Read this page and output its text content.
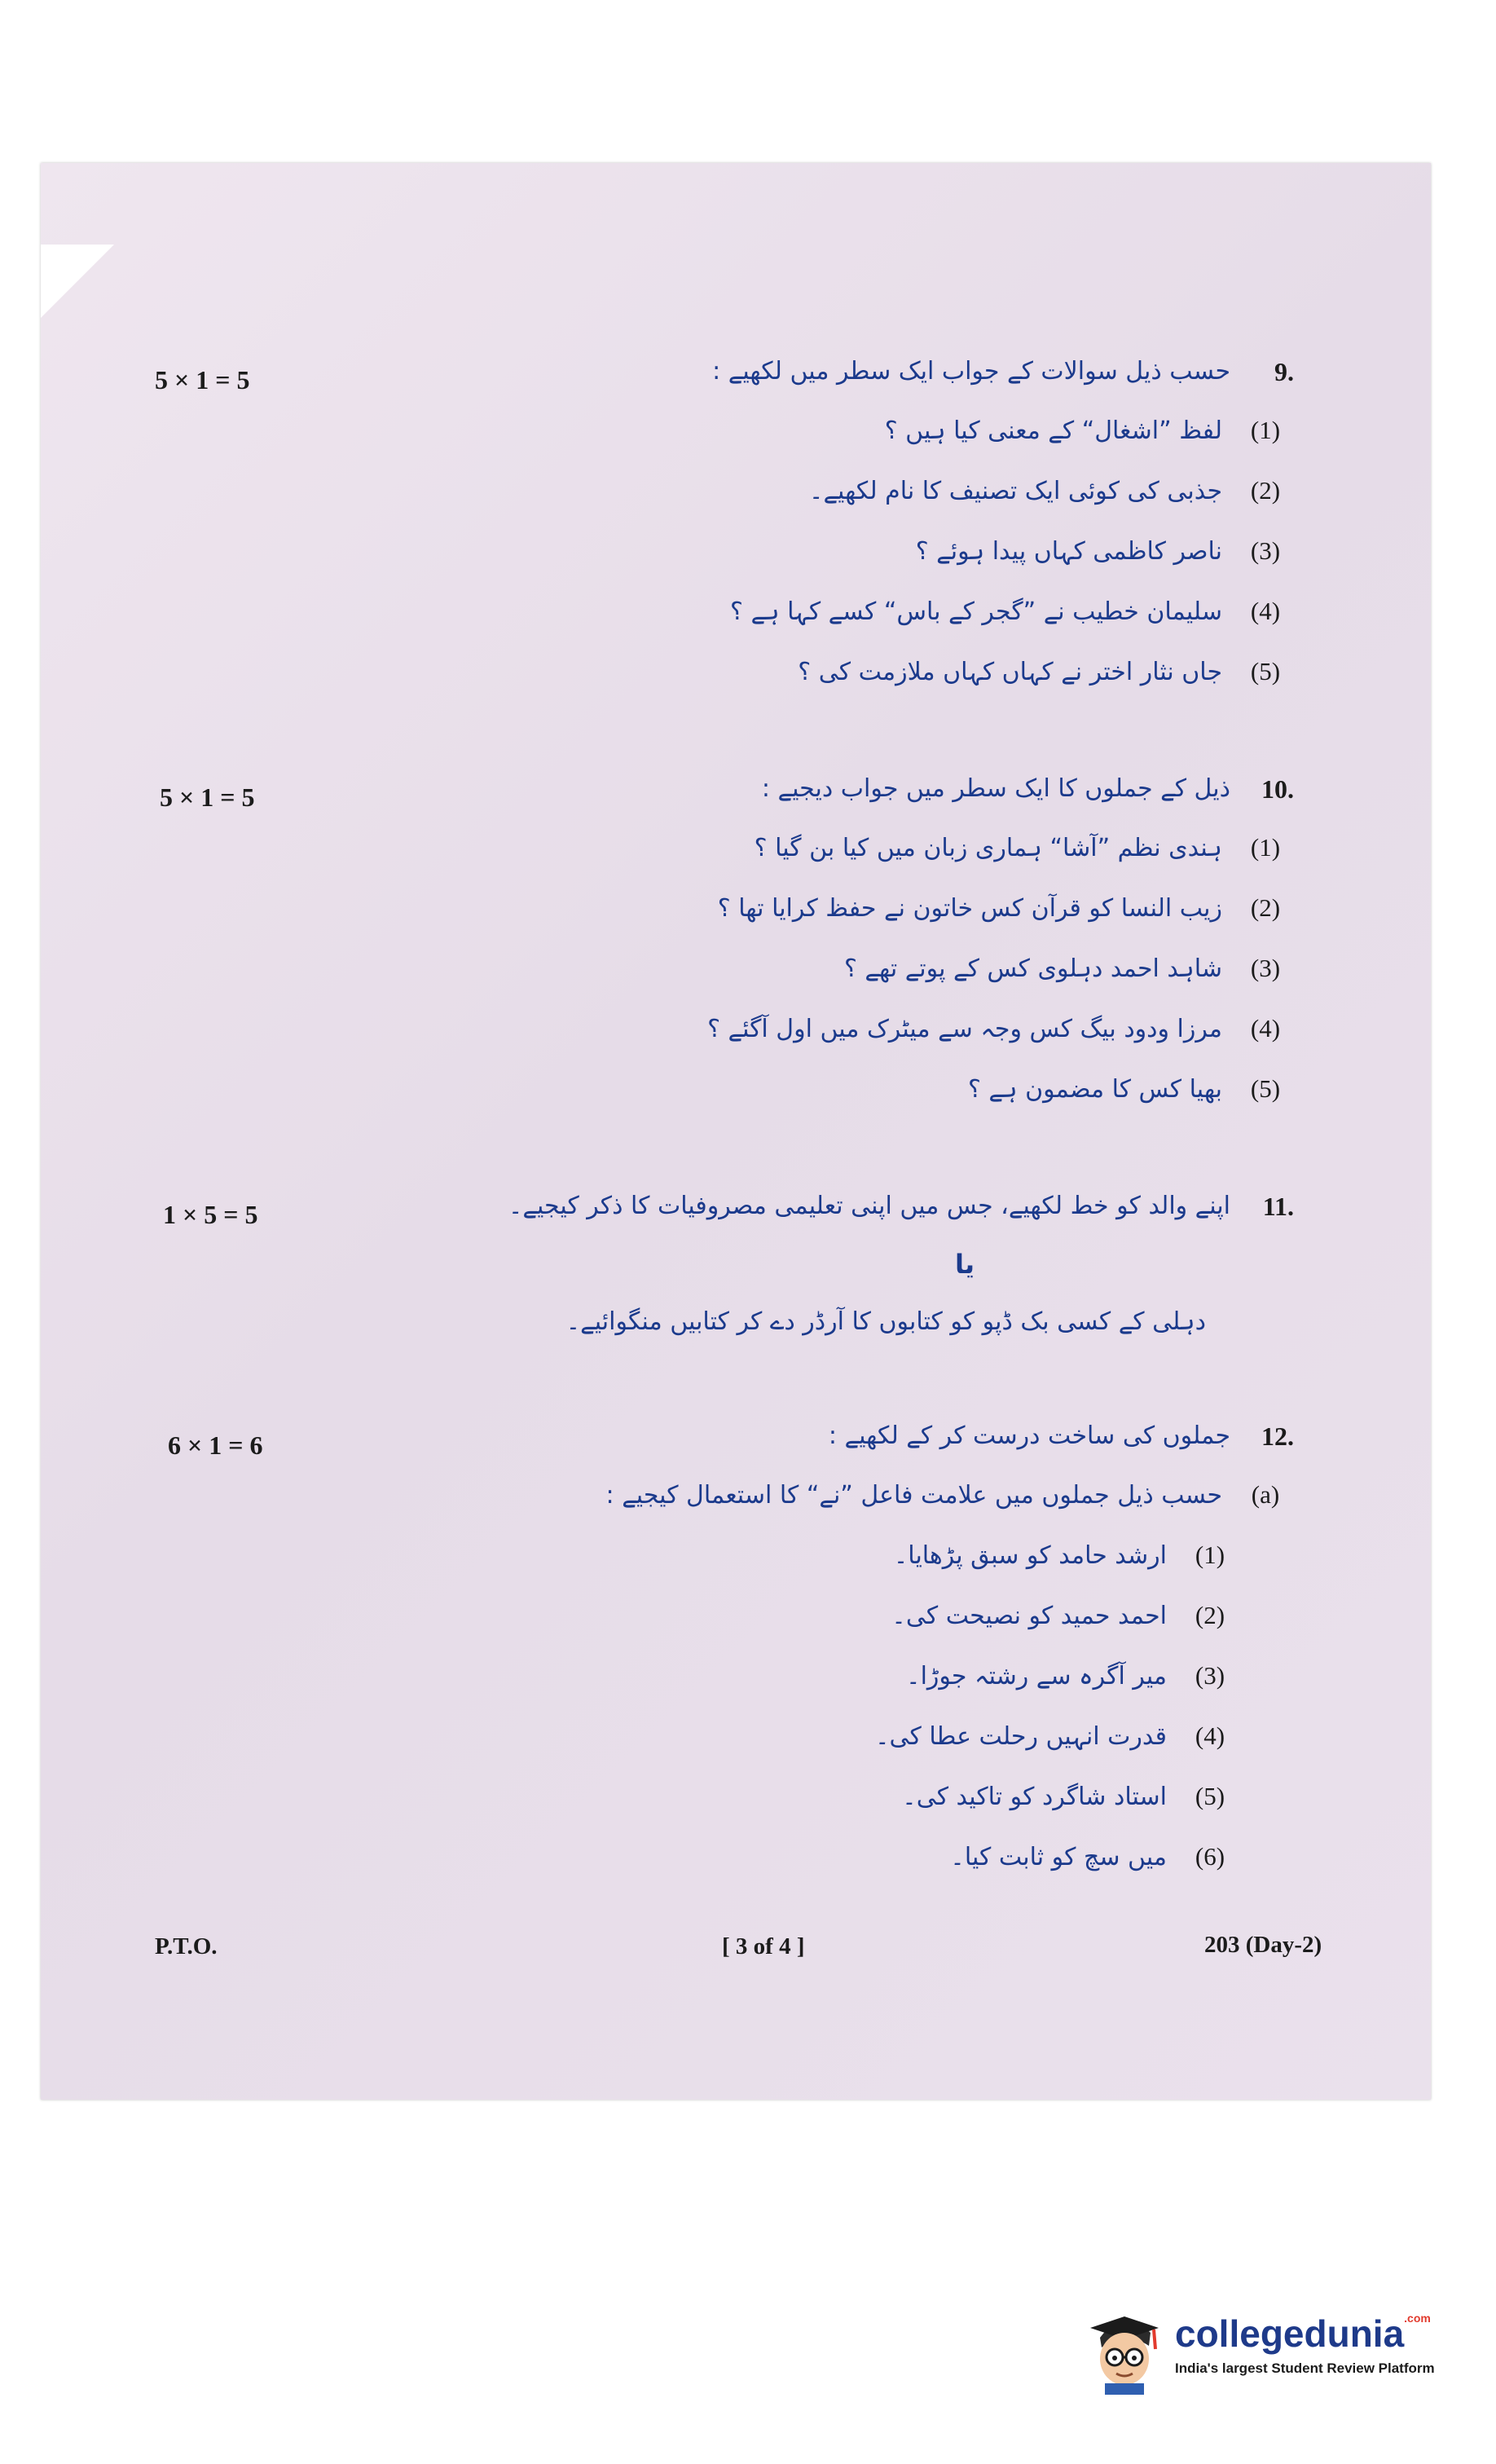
9.
حسب ذیل سوالات کے جواب ایک سطر میں لکھیے :
(1)لفظ ”اشغال“ کے معنی کیا ہیں ؟
(2)جذبی کی کوئی ایک تصنیف کا نام لکھیے۔
(3)ناصر کاظمی کہاں پیدا ہوئے ؟
(4)سلیمان خطیب نے ”گجر کے باس“ کسے کہا ہے ؟
(5)جاں نثار اختر نے کہاں کہاں ملازمت کی ؟
5 × 1 = 5
10.
ذیل کے جملوں کا ایک سطر میں جواب دیجیے :
(1)ہندی نظم ”آشا“ ہماری زبان میں کیا بن گیا ؟
(2)زیب النسا کو قرآن کس خاتون نے حفظ کرایا تھا ؟
(3)شاہد احمد دہلوی کس کے پوتے تھے ؟
(4)مرزا ودود بیگ کس وجہ سے میٹرک میں اول آگئے ؟
(5)بھیا کس کا مضمون ہے ؟
5 × 1 = 5
11.
اپنے والد کو خط لکھیے، جس میں اپنی تعلیمی مصروفیات کا ذکر کیجیے۔
یا
دہلی کے کسی بک ڈپو کو کتابوں کا آرڈر دے کر کتابیں منگوائیے۔
1 × 5 = 5
12.
جملوں کی ساخت درست کر کے لکھیے :
(a)حسب ذیل جملوں میں علامت فاعل ”نے“ کا استعمال کیجیے :
(1)ارشد حامد کو سبق پڑھایا۔
(2)احمد حمید کو نصیحت کی۔
(3)میر آگرہ سے رشتہ جوڑا۔
(4)قدرت انہیں رحلت عطا کی۔
(5)استاد شاگرد کو تاکید کی۔
(6)میں سچ کو ثابت کیا۔
6 × 1 = 6
P.T.O.	[ 3 of 4 ]	203 (Day-2)
collegedunia$^{.com}$
India's largest Student Review Platform
